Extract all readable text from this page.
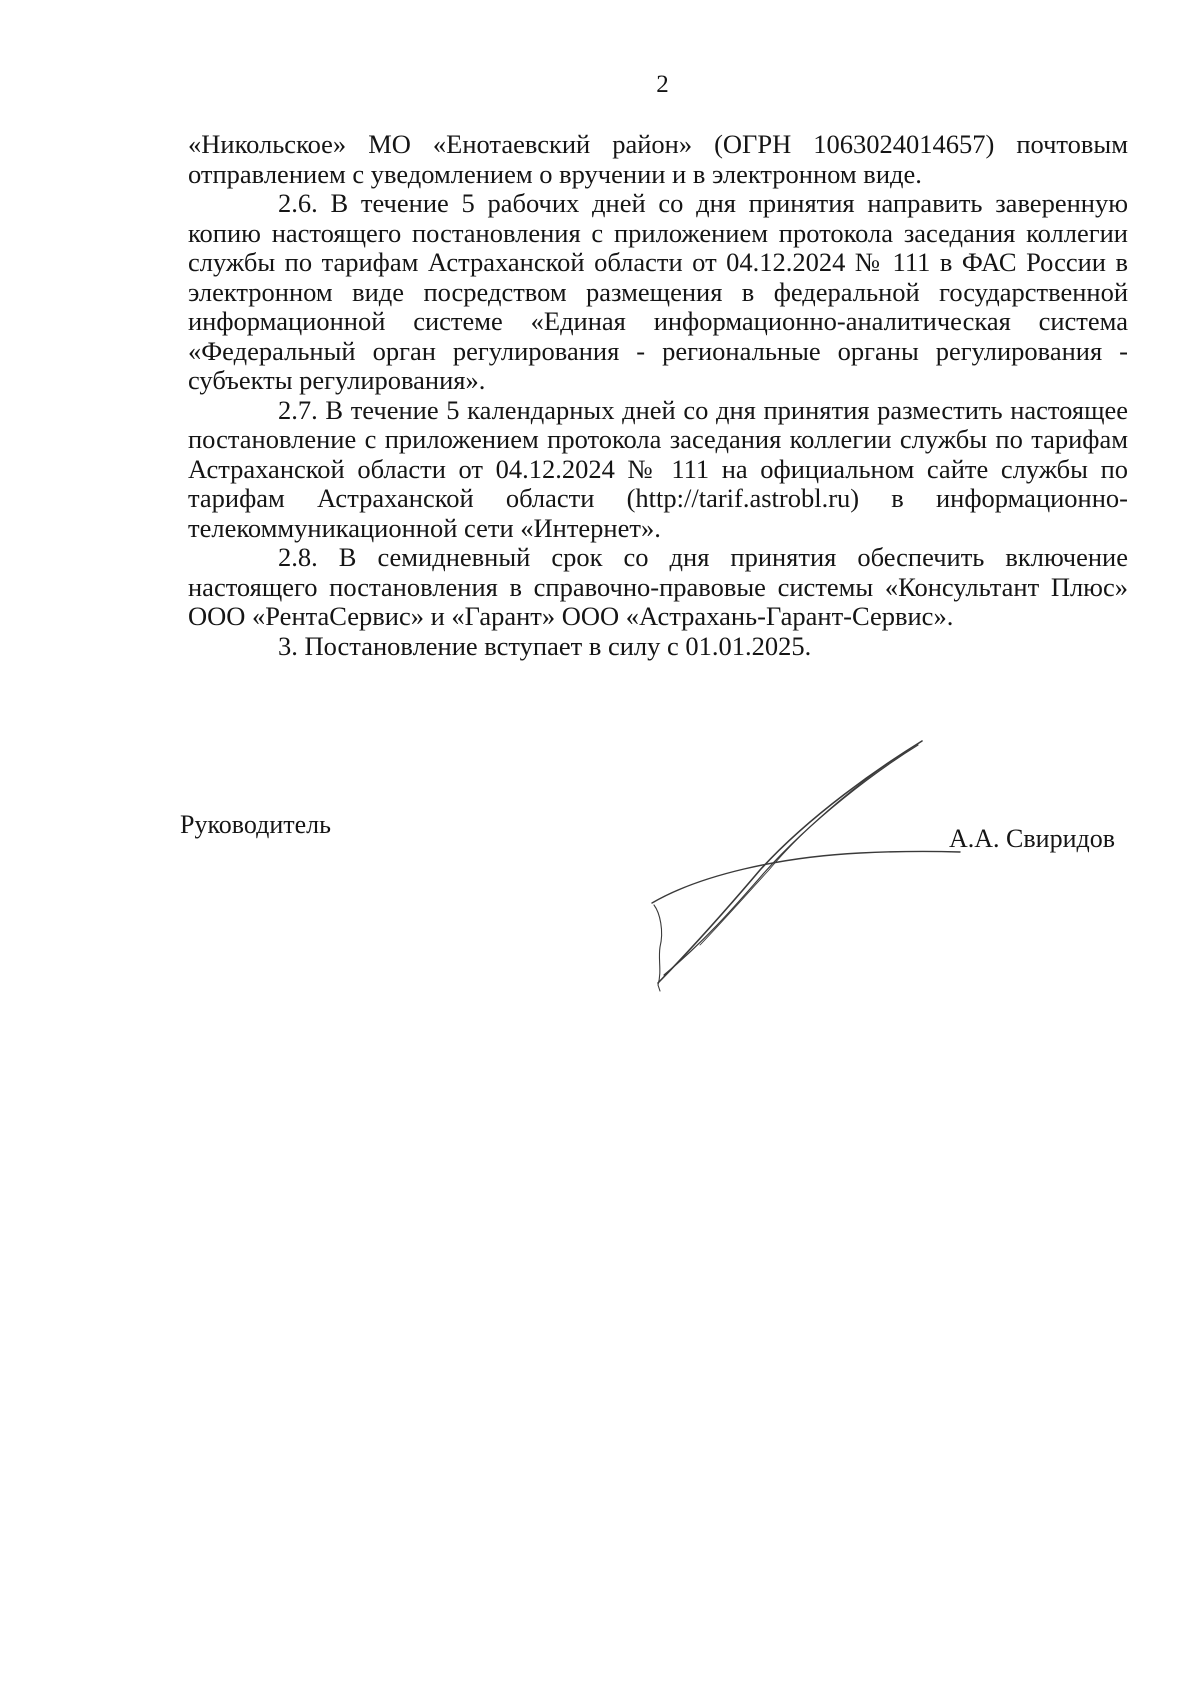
2

«Никольское» МО «Енотаевский район» (ОГРН 1063024014657) почтовым отправлением с уведомлением о вручении и в электронном виде.

2.6. В течение 5 рабочих дней со дня принятия направить заверенную копию настоящего постановления с приложением протокола заседания коллегии службы по тарифам Астраханской области от 04.12.2024 № 111 в ФАС России в электронном виде посредством размещения в федеральной государственной информационной системе «Единая информационно-аналитическая система «Федеральный орган регулирования - региональные органы регулирования - субъекты регулирования».

2.7. В течение 5 календарных дней со дня принятия разместить настоящее постановление с приложением протокола заседания коллегии службы по тарифам Астраханской области от 04.12.2024 № 111 на официальном сайте службы по тарифам Астраханской области (http://tarif.astrobl.ru) в информационно-телекоммуникационной сети «Интернет».

2.8. В семидневный срок со дня принятия обеспечить включение настоящего постановления в справочно-правовые системы «Консультант Плюс» ООО «РентаСервис» и «Гарант» ООО «Астрахань-Гарант-Сервис».

3. Постановление вступает в силу с 01.01.2025.

Руководитель	А.А. Свиридов
